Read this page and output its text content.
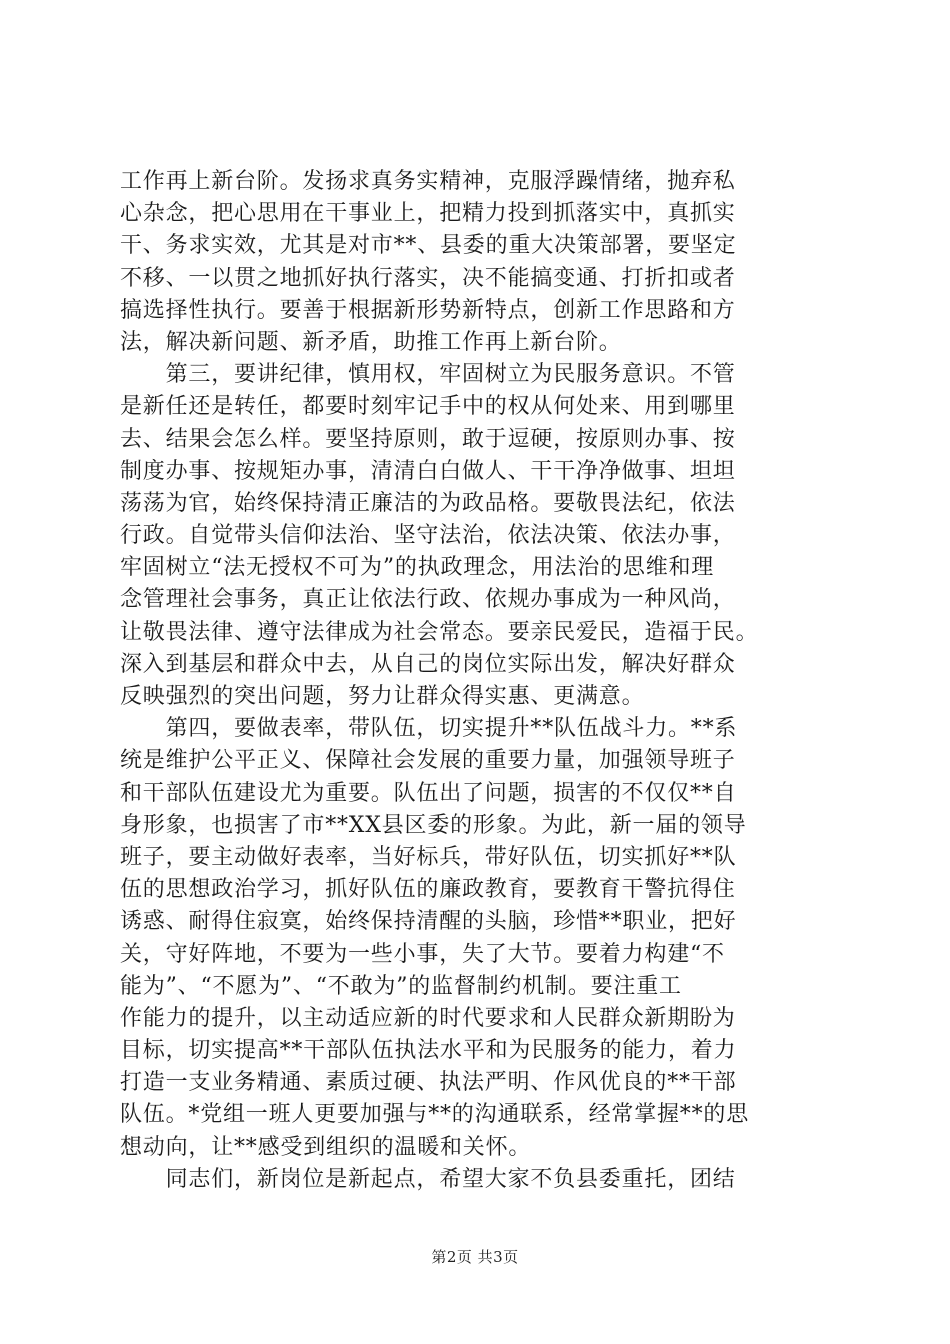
工作再上新台阶。发扬求真务实精神，克服浮躁情绪，抛弃私
心杂念，把心思用在干事业上，把精力投到抓落实中，真抓实
干、务求实效，尤其是对市**、县委的重大决策部署，要坚定
不移、一以贯之地抓好执行落实，决不能搞变通、打折扣或者
搞选择性执行。要善于根据新形势新特点，创新工作思路和方
法，解决新问题、新矛盾，助推工作再上新台阶。
　　第三，要讲纪律，慎用权，牢固树立为民服务意识。不管
是新任还是转任，都要时刻牢记手中的权从何处来、用到哪里
去、结果会怎么样。要坚持原则，敢于逗硬，按原则办事、按
制度办事、按规矩办事，清清白白做人、干干净净做事、坦坦
荡荡为官，始终保持清正廉洁的为政品格。要敬畏法纪，依法
行政。自觉带头信仰法治、坚守法治，依法决策、依法办事，
牢固树立“法无授权不可为”的执政理念，用法治的思维和理
念管理社会事务，真正让依法行政、依规办事成为一种风尚，
让敬畏法律、遵守法律成为社会常态。要亲民爱民，造福于民。
深入到基层和群众中去，从自己的岗位实际出发，解决好群众
反映强烈的突出问题，努力让群众得实惠、更满意。
　　第四，要做表率，带队伍，切实提升**队伍战斗力。**系
统是维护公平正义、保障社会发展的重要力量，加强领导班子
和干部队伍建设尤为重要。队伍出了问题，损害的不仅仅**自
身形象，也损害了市**XX县区委的形象。为此，新一届的领导
班子，要主动做好表率，当好标兵，带好队伍，切实抓好**队
伍的思想政治学习，抓好队伍的廉政教育，要教育干警抗得住
诱惑、耐得住寂寞，始终保持清醒的头脑，珍惜**职业，把好
关，守好阵地，不要为一些小事，失了大节。要着力构建“不
能为”、“不愿为”、“不敢为”的监督制约机制。要注重工
作能力的提升，以主动适应新的时代要求和人民群众新期盼为
目标，切实提高**干部队伍执法水平和为民服务的能力，着力
打造一支业务精通、素质过硬、执法严明、作风优良的**干部
队伍。*党组一班人更要加强与**的沟通联系，经常掌握**的思
想动向，让**感受到组织的温暖和关怀。
　　同志们，新岗位是新起点，希望大家不负县委重托，团结
第2页 共3页
